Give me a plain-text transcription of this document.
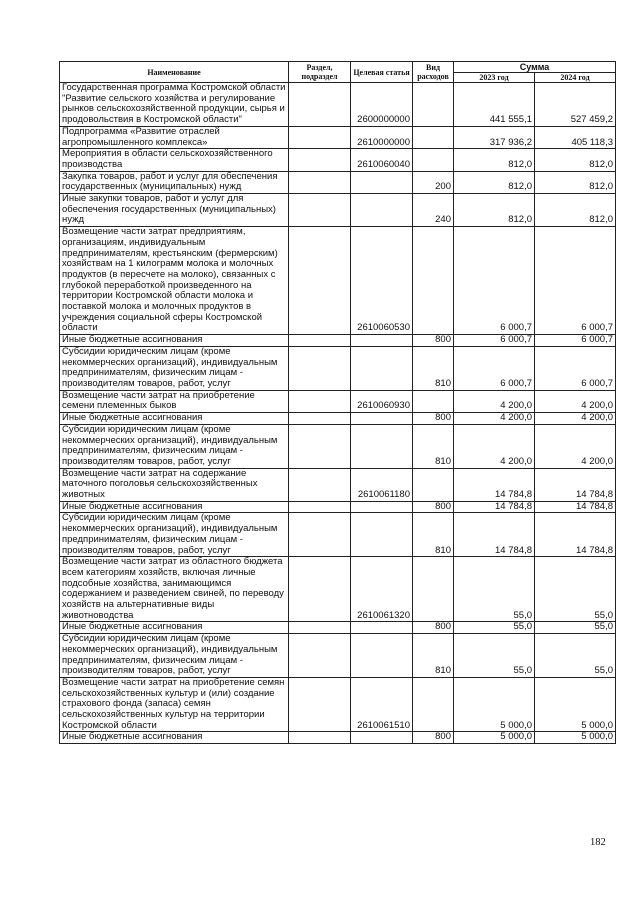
Наименование	Раздел, подраздел	Целевая статья	Вид расходов	Сумма	
				2023 год	2024 год
Государственная программа Костромской области "Развитие сельского хозяйства и регулирование рынков сельскохозяйственной продукции, сырья и продовольствия в Костромской области"		2600000000		441 555,1	527 459,2
Подпрограмма «Развитие отраслей агропромышленного комплекса»		2610000000		317 936,2	405 118,3
Мероприятия в области сельскохозяйственного производства		2610060040		812,0	812,0
Закупка товаров, работ и услуг для обеспечения государственных (муниципальных) нужд			200	812,0	812,0
Иные закупки товаров, работ и услуг для обеспечения государственных (муниципальных) нужд			240	812,0	812,0
Возмещение части затрат предприятиям, организациям, индивидуальным предпринимателям, крестьянским (фермерским) хозяйствам на 1 килограмм молока и молочных продуктов (в пересчете на молоко), связанных с глубокой переработкой произведенного на территории Костромской области молока и поставкой молока и молочных продуктов в учреждения социальной сферы Костромской области		2610060530		6 000,7	6 000,7
Иные бюджетные ассигнования			800	6 000,7	6 000,7
Субсидии юридическим лицам (кроме некоммерческих организаций), индивидуальным предпринимателям, физическим лицам - производителям товаров, работ, услуг			810	6 000,7	6 000,7
Возмещение части затрат на приобретение семени племенных быков		2610060930		4 200,0	4 200,0
Иные бюджетные ассигнования			800	4 200,0	4 200,0
Субсидии юридическим лицам (кроме некоммерческих организаций), индивидуальным предпринимателям, физическим лицам - производителям товаров, работ, услуг			810	4 200,0	4 200,0
Возмещение части затрат на содержание маточного поголовья сельскохозяйственных животных		2610061180		14 784,8	14 784,8
Иные бюджетные ассигнования			800	14 784,8	14 784,8
Субсидии юридическим лицам (кроме некоммерческих организаций), индивидуальным предпринимателям, физическим лицам - производителям товаров, работ, услуг			810	14 784,8	14 784,8
Возмещение части затрат из областного бюджета всем категориям хозяйств, включая личные подсобные хозяйства, занимающимся содержанием и разведением свиней, по переводу хозяйств на альтернативные виды животноводства		2610061320		55,0	55,0
Иные бюджетные ассигнования			800	55,0	55,0
Субсидии юридическим лицам (кроме некоммерческих организаций), индивидуальным предпринимателям, физическим лицам - производителям товаров, работ, услуг			810	55,0	55,0
Возмещение части затрат на приобретение семян сельскохозяйственных культур и (или) создание страхового фонда (запаса) семян сельскохозяйственных культур на территории Костромской области		2610061510		5 000,0	5 000,0
Иные бюджетные ассигнования			800	5 000,0	5 000,0
182
